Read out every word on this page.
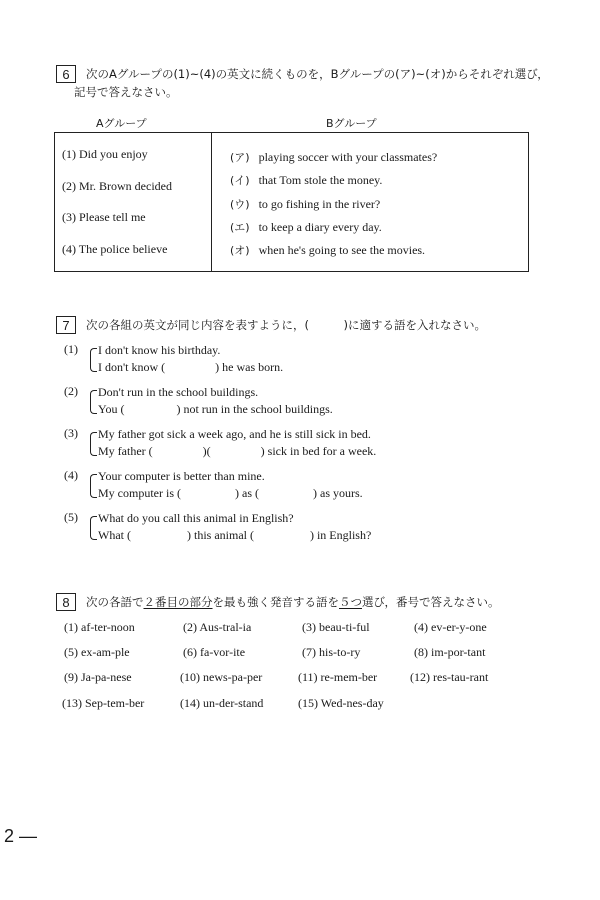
6	次のAグループの(1)~(4)の英文に続くものを，Bグループの(ア)~(オ)からそれぞれ選び，
記号で答えなさい。
Aグループ	Bグループ
(1) Did you enjoy
(2) Mr. Brown decided
(3) Please tell me
(4) The police believe
(ア) playing soccer with your classmates?
(イ) that Tom stole the money.
(ウ) to go fishing in the river?
(エ) to keep a diary every day.
(オ) when he's going to see the movies.
7	次の各組の英文が同じ内容を表すように，(　　　)に適する語を入れなさい。
(1) I don't know his birthday.
I don't know (	) he was born.
(2) Don't run in the school buildings.
You (	) not run in the school buildings.
(3) My father got sick a week ago, and he is still sick in bed.
My father (	)(	) sick in bed for a week.
(4) Your computer is better than mine.
My computer is (	) as (	) as yours.
(5) What do you call this animal in English?
What (	) this animal (	) in English?
8	次の各語で２番目の部分を最も強く発音する語を５つ選び，番号で答えなさい。
(1) af-ter-noon	(2) Aus-tral-ia	(3) beau-ti-ful	(4) ev-er-y-one
(5) ex-am-ple	(6) fa-vor-ite	(7) his-to-ry	(8) im-por-tant
(9) Ja-pa-nese	(10) news-pa-per	(11) re-mem-ber	(12) res-tau-rant
(13) Sep-tem-ber	(14) un-der-stand	(15) Wed-nes-day
2 —
